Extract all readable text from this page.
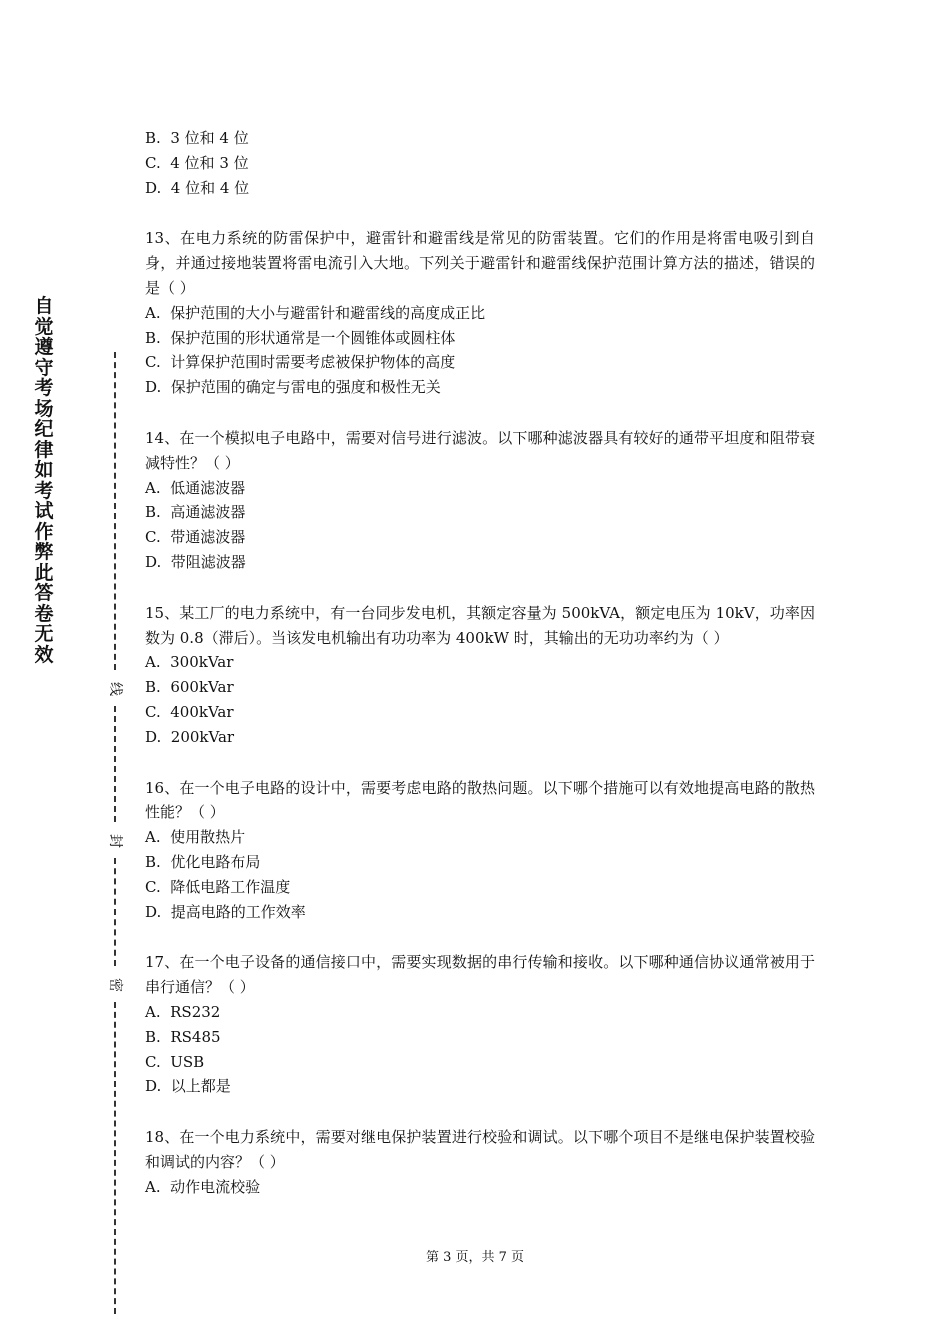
自觉遵守考场纪律如考试作弊此答卷无效
线
封
密
B.  3 位和 4 位
C.  4 位和 3 位
D.  4 位和 4 位
13、在电力系统的防雷保护中，避雷针和避雷线是常见的防雷装置。它们的作用是将雷电吸引到自身，并通过接地装置将雷电流引入大地。下列关于避雷针和避雷线保护范围计算方法的描述，错误的是（ ）
A.  保护范围的大小与避雷针和避雷线的高度成正比
B.  保护范围的形状通常是一个圆锥体或圆柱体
C.  计算保护范围时需要考虑被保护物体的高度
D.  保护范围的确定与雷电的强度和极性无关
14、在一个模拟电子电路中，需要对信号进行滤波。以下哪种滤波器具有较好的通带平坦度和阻带衰减特性？（ ）
A.  低通滤波器
B.  高通滤波器
C.  带通滤波器
D.  带阻滤波器
15、某工厂的电力系统中，有一台同步发电机，其额定容量为 500kVA，额定电压为 10kV，功率因数为 0.8（滞后）。当该发电机输出有功功率为 400kW 时，其输出的无功功率约为（ ）
A.  300kVar
B.  600kVar
C.  400kVar
D.  200kVar
16、在一个电子电路的设计中，需要考虑电路的散热问题。以下哪个措施可以有效地提高电路的散热性能？（ ）
A.  使用散热片
B.  优化电路布局
C.  降低电路工作温度
D.  提高电路的工作效率
17、在一个电子设备的通信接口中，需要实现数据的串行传输和接收。以下哪种通信协议通常被用于串行通信？（ ）
A.  RS232
B.  RS485
C.  USB
D.  以上都是
18、在一个电力系统中，需要对继电保护装置进行校验和调试。以下哪个项目不是继电保护装置校验和调试的内容？（ ）
A.  动作电流校验
第 3 页，共 7 页
